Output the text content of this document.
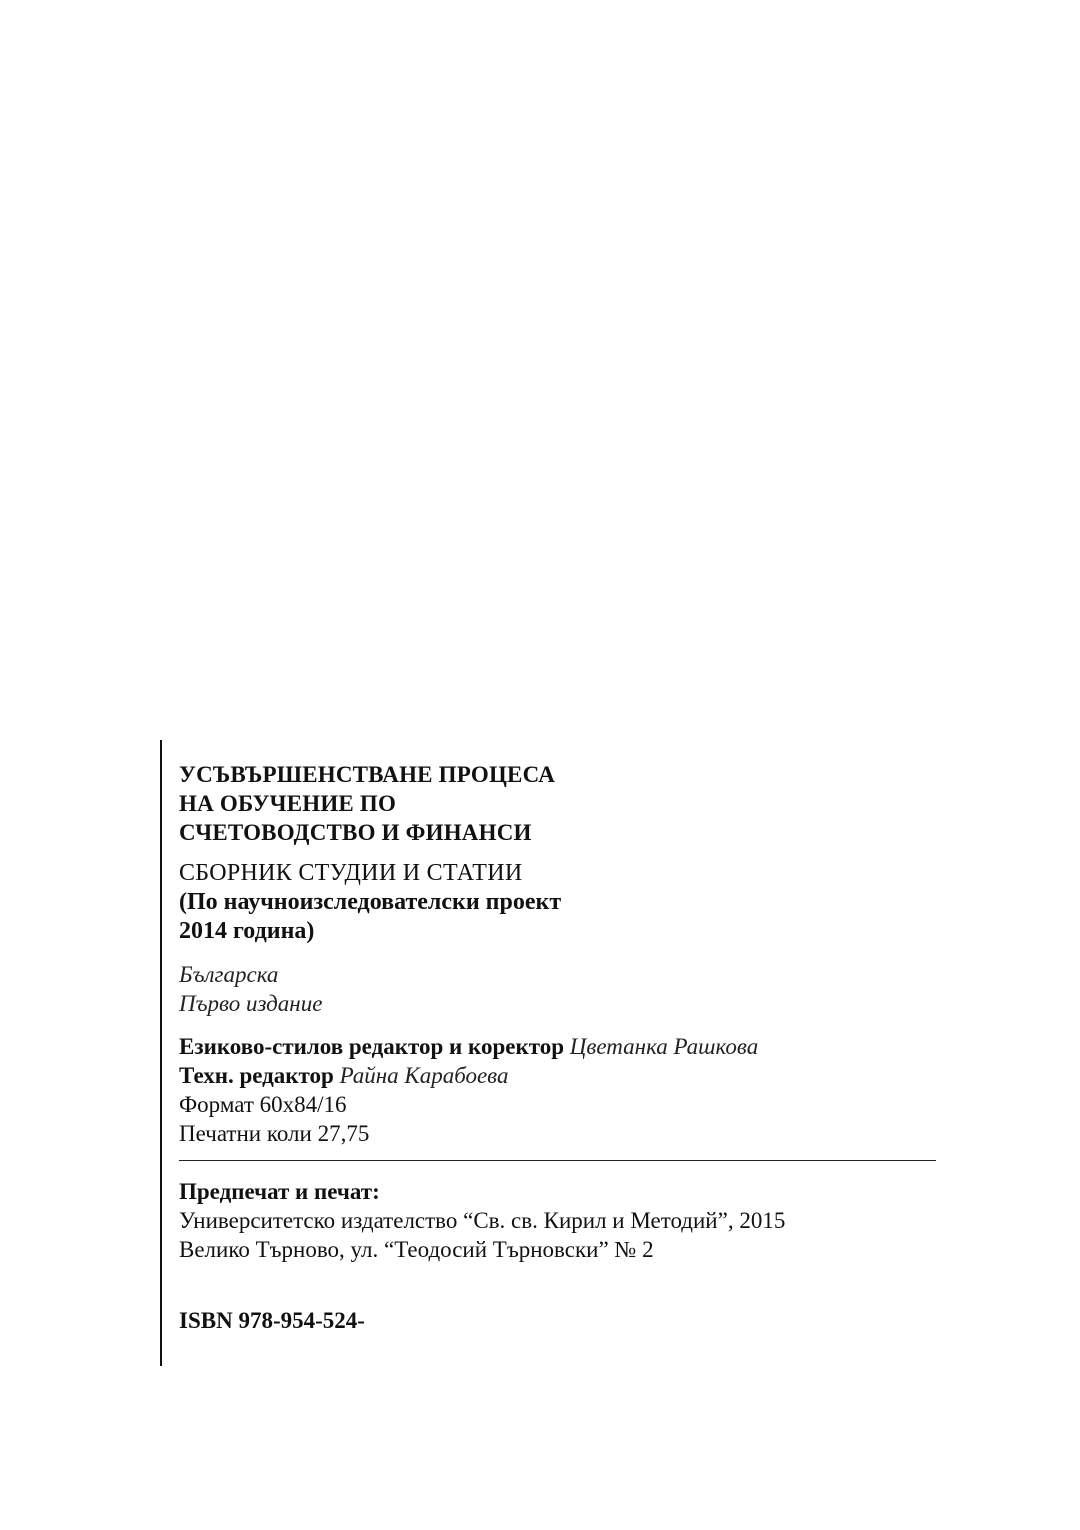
УСЪВЪРШЕНСТВАНЕ ПРОЦЕСА
НА ОБУЧЕНИЕ ПО
СЧЕТОВОДСТВО И ФИНАНСИ
СБОРНИК СТУДИИ И СТАТИИ
(По научноизследователски проект
2014 година)
Българска
Първо издание
Езиково-стилов редактор и коректор Цветанка Рашкова
Техн. редактор Райна Карабоева
Формат 60х84/16
Печатни коли 27,75
Предпечат и печат:
Университетско издателство “Св. св. Кирил и Методий”, 2015
Велико Търново, ул. “Теодосий Търновски” № 2
ISBN 978-954-524-
